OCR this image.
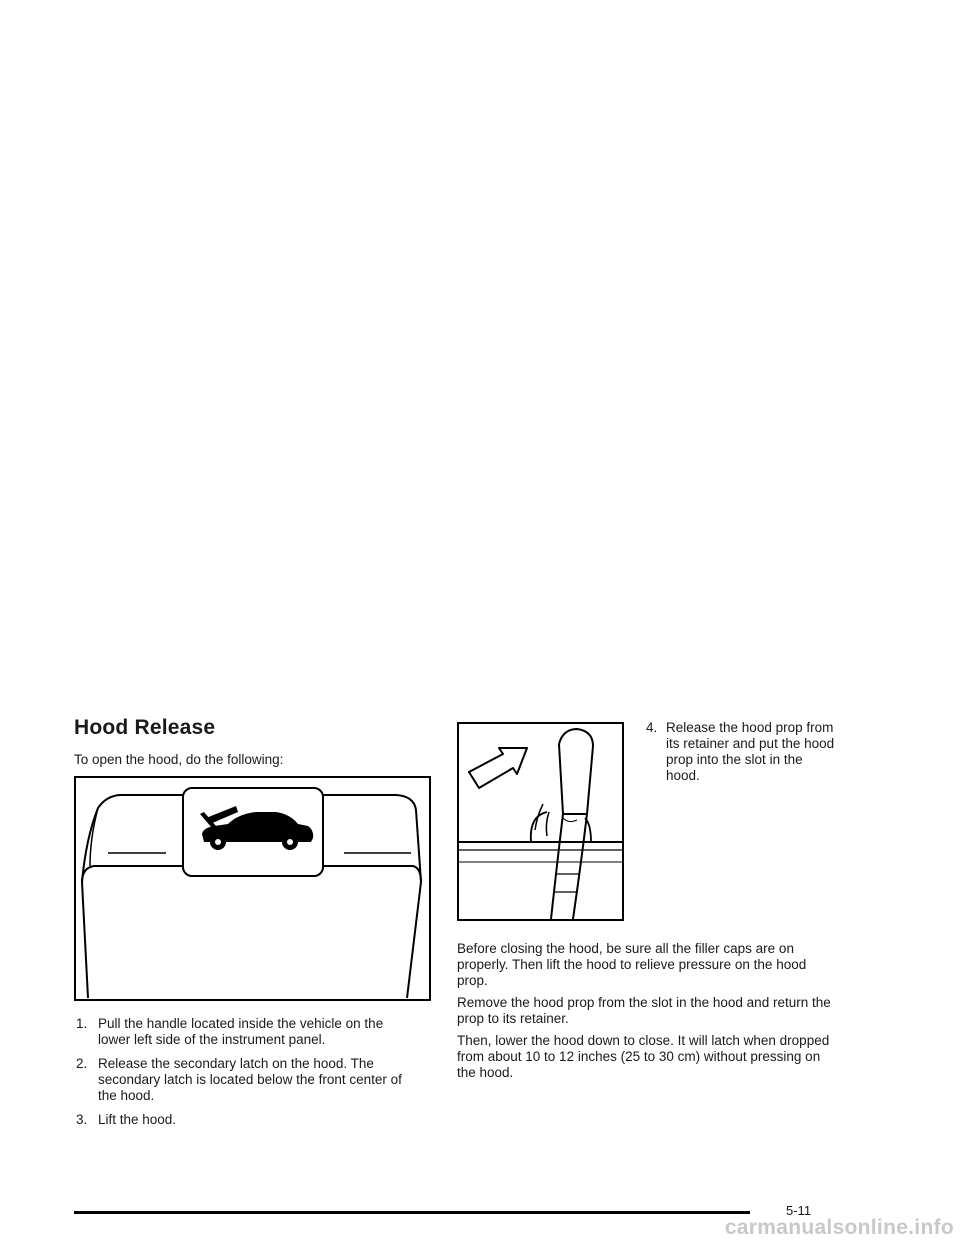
Hood Release
To open the hood, do the following:
1. Pull the handle located inside the vehicle on the lower left side of the instrument panel.
2. Release the secondary latch on the hood. The secondary latch is located below the front center of the hood.
3. Lift the hood.
4. Release the hood prop from its retainer and put the hood prop into the slot in the hood.
Before closing the hood, be sure all the filler caps are on properly. Then lift the hood to relieve pressure on the hood prop.
Remove the hood prop from the slot in the hood and return the prop to its retainer.
Then, lower the hood down to close. It will latch when dropped from about 10 to 12 inches (25 to 30 cm) without pressing on the hood.
5-11
carmanualsonline.info
